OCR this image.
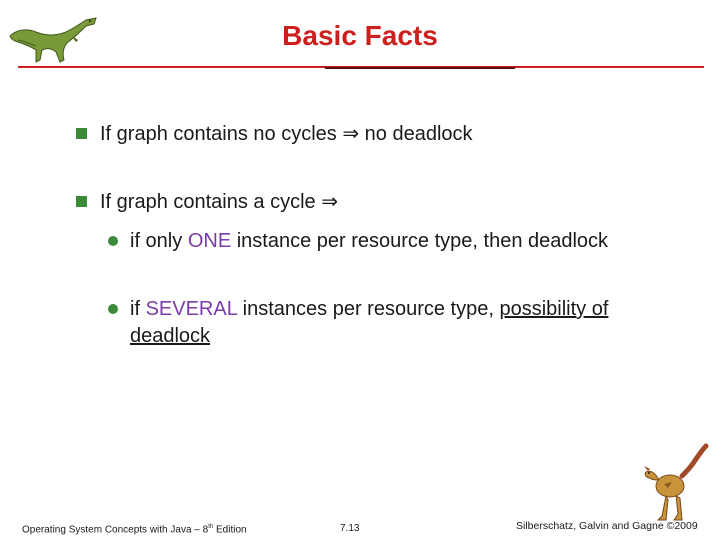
Basic Facts
If graph contains no cycles ⇒ no deadlock
If graph contains a cycle ⇒
if only ONE instance per resource type, then deadlock
if SEVERAL instances per resource type, possibility of deadlock
Operating System Concepts with Java – 8th Edition	7.13	Silberschatz, Galvin and Gagne ©2009
